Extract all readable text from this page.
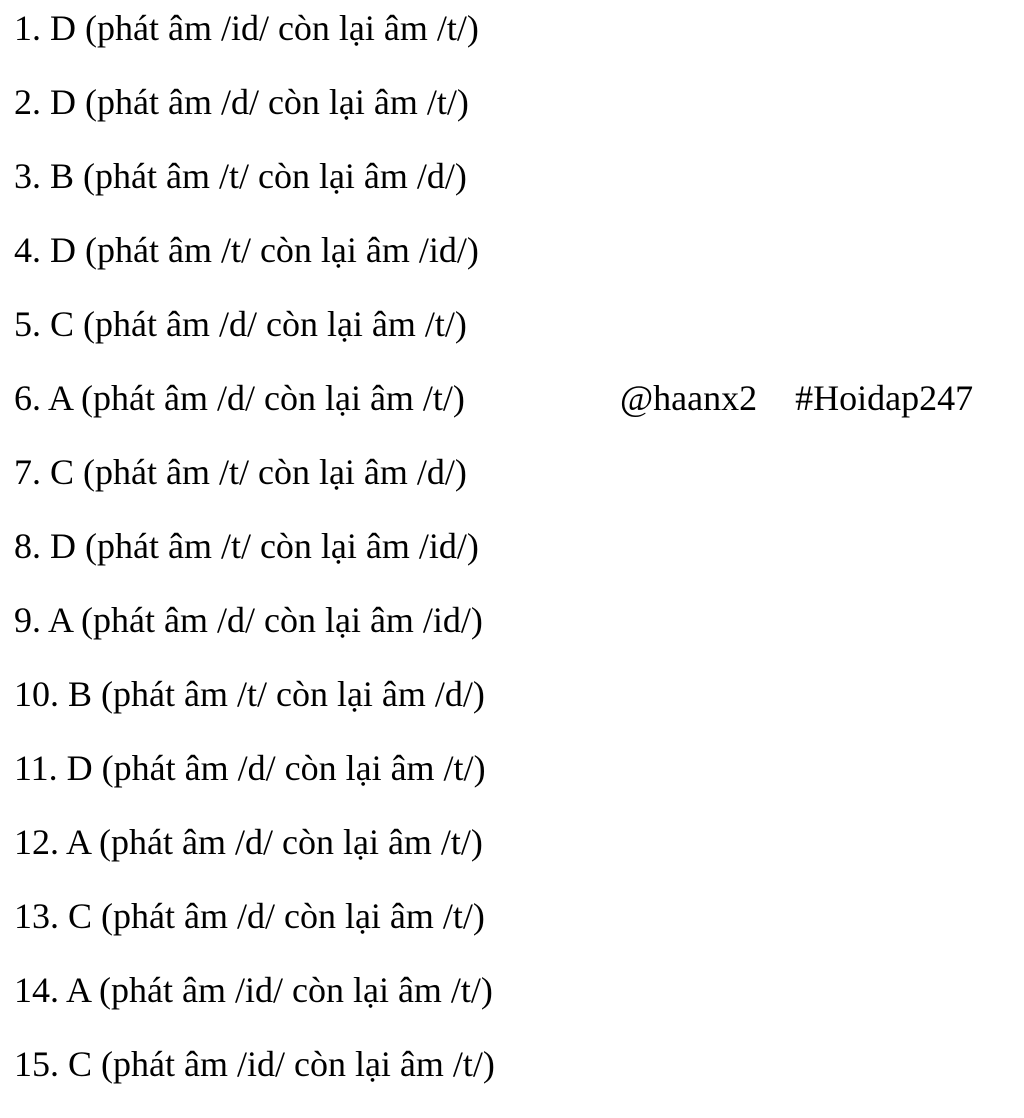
1. D (phát âm /id/ còn lại âm /t/)
2. D (phát âm /d/ còn lại âm /t/)
3. B (phát âm /t/ còn lại âm /d/)
4. D (phát âm /t/ còn lại âm /id/)
5. C (phát âm /d/ còn lại âm /t/)
6. A (phát âm /d/ còn lại âm /t/)
7. C (phát âm /t/ còn lại âm /d/)
8. D (phát âm /t/ còn lại âm /id/)
9. A (phát âm /d/ còn lại âm /id/)
10. B (phát âm /t/ còn lại âm /d/)
11. D (phát âm /d/ còn lại âm /t/)
12. A (phát âm /d/ còn lại âm /t/)
13. C (phát âm /d/ còn lại âm /t/)
14. A (phát âm /id/ còn lại âm /t/)
15. C (phát âm /id/ còn lại âm /t/)
@haanx2 #Hoidap247
